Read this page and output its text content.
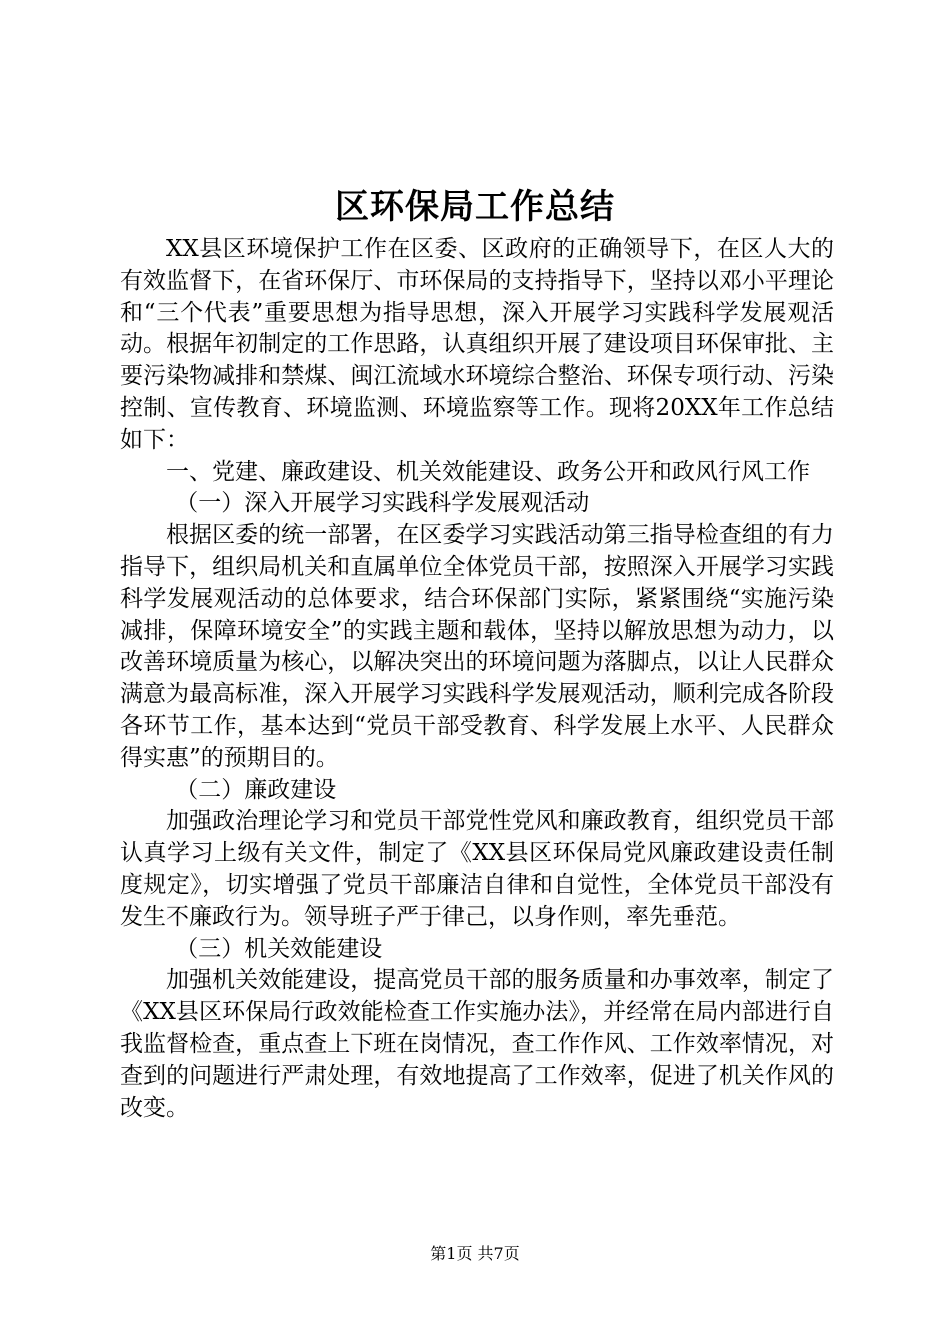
区环保局工作总结

XX县区环境保护工作在区委、区政府的正确领导下，在区人大的有效监督下，在省环保厅、市环保局的支持指导下，坚持以邓小平理论和“三个代表”重要思想为指导思想，深入开展学习实践科学发展观活动。根据年初制定的工作思路，认真组织开展了建设项目环保审批、主要污染物减排和禁煤、闽江流域水环境综合整治、环保专项行动、污染控制、宣传教育、环境监测、环境监察等工作。现将20XX年工作总结如下：

一、党建、廉政建设、机关效能建设、政务公开和政风行风工作

（一）深入开展学习实践科学发展观活动

根据区委的统一部署，在区委学习实践活动第三指导检查组的有力指导下，组织局机关和直属单位全体党员干部，按照深入开展学习实践科学发展观活动的总体要求，结合环保部门实际，紧紧围绕“实施污染减排，保障环境安全”的实践主题和载体，坚持以解放思想为动力，以改善环境质量为核心，以解决突出的环境问题为落脚点，以让人民群众满意为最高标准，深入开展学习实践科学发展观活动，顺利完成各阶段各环节工作，基本达到“党员干部受教育、科学发展上水平、人民群众得实惠”的预期目的。

（二）廉政建设

加强政治理论学习和党员干部党性党风和廉政教育，组织党员干部认真学习上级有关文件，制定了《XX县区环保局党风廉政建设责任制度规定》，切实增强了党员干部廉洁自律和自觉性，全体党员干部没有发生不廉政行为。领导班子严于律己，以身作则，率先垂范。

（三）机关效能建设

加强机关效能建设，提高党员干部的服务质量和办事效率，制定了《XX县区环保局行政效能检查工作实施办法》，并经常在局内部进行自我监督检查，重点查上下班在岗情况，查工作作风、工作效率情况，对查到的问题进行严肃处理，有效地提高了工作效率，促进了机关作风的改变。

第1页 共7页
